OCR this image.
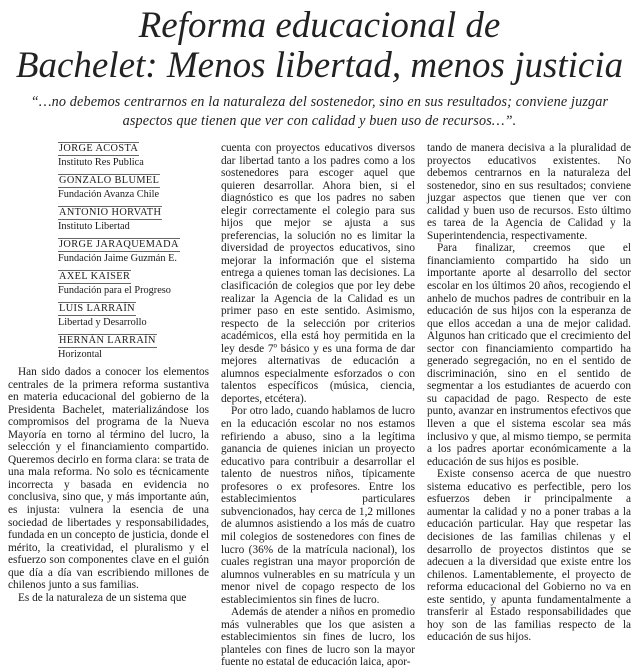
Reforma educacional de
Bachelet: Menos libertad, menos justicia
“…no debemos centrarnos en la naturaleza del sostenedor, sino en sus resultados; conviene juzgar aspectos que tienen que ver con calidad y buen uso de recursos…”.
JORGE ACOSTA
Instituto Res Publica
GONZALO BLUMEL
Fundación Avanza Chile
ANTONIO HORVATH
Instituto Libertad
JORGE JARAQUEMADA
Fundación Jaime Guzmán E.
AXEL KAISER
Fundación para el Progreso
LUIS LARRAÍN
Libertad y Desarrollo
HERNÁN LARRAÍN
Horizontal

Han sido dados a conocer los elementos centrales de la primera reforma sustantiva en materia educacional del gobierno de la Presidenta Bachelet, materializándose los compromisos del programa de la Nueva Mayoría en torno al término del lucro, la selección y el financiamiento compartido. Queremos decirlo en forma clara: se trata de una mala reforma. No solo es técnicamente incorrecta y basada en evidencia no conclusiva, sino que, y más importante aún, es injusta: vulnera la esencia de una sociedad de libertades y responsabilidades, fundada en un concepto de justicia, donde el mérito, la creatividad, el pluralismo y el esfuerzo son componentes clave en el guión que día a día van escribiendo millones de chilenos junto a sus familias.

Es de la naturaleza de un sistema que

cuenta con proyectos educativos diversos dar libertad tanto a los padres como a los sostenedores para escoger aquel que quieren desarrollar. Ahora bien, si el diagnóstico es que los padres no saben elegir correctamente el colegio para sus hijos que mejor se ajusta a sus preferencias, la solución no es limitar la diversidad de proyectos educativos, sino mejorar la información que el sistema entrega a quienes toman las decisiones. La clasificación de colegios que por ley debe realizar la Agencia de la Calidad es un primer paso en este sentido. Asimismo, respecto de la selección por criterios académicos, ella está hoy permitida en la ley desde 7º básico y es una forma de dar mejores alternativas de educación a alumnos especialmente esforzados o con talentos específicos (música, ciencia, deportes, etcétera).

Por otro lado, cuando hablamos de lucro en la educación escolar no nos estamos refiriendo a abuso, sino a la legítima ganancia de quienes inician un proyecto educativo para contribuir a desarrollar el talento de nuestros niños, típicamente profesores o ex profesores. Entre los establecimientos particulares subvencionados, hay cerca de 1,2 millones de alumnos asistiendo a los más de cuatro mil colegios de sostenedores con fines de lucro (36% de la matrícula nacional), los cuales registran una mayor proporción de alumnos vulnerables en su matrícula y un menor nivel de copago respecto de los establecimientos sin fines de lucro.

Además de atender a niños en promedio más vulnerables que los que asisten a establecimientos sin fines de lucro, los planteles con fines de lucro son la mayor fuente no estatal de educación laica, apor-

tando de manera decisiva a la pluralidad de proyectos educativos existentes. No debemos centrarnos en la naturaleza del sostenedor, sino en sus resultados; conviene juzgar aspectos que tienen que ver con calidad y buen uso de recursos. Esto último es tarea de la Agencia de Calidad y la Superintendencia, respectivamente.

Para finalizar, creemos que el financiamiento compartido ha sido un importante aporte al desarrollo del sector escolar en los últimos 20 años, recogiendo el anhelo de muchos padres de contribuir en la educación de sus hijos con la esperanza de que ellos accedan a una de mejor calidad. Algunos han criticado que el crecimiento del sector con financiamiento compartido ha generado segregación, no en el sentido de discriminación, sino en el sentido de segmentar a los estudiantes de acuerdo con su capacidad de pago. Respecto de este punto, avanzar en instrumentos efectivos que lleven a que el sistema escolar sea más inclusivo y que, al mismo tiempo, se permita a los padres aportar económicamente a la educación de sus hijos es posible.

Existe consenso acerca de que nuestro sistema educativo es perfectible, pero los esfuerzos deben ir principalmente a aumentar la calidad y no a poner trabas a la educación particular. Hay que respetar las decisiones de las familias chilenas y el desarrollo de proyectos distintos que se adecuen a la diversidad que existe entre los chilenos. Lamentablemente, el proyecto de reforma educacional del Gobierno no va en este sentido, y apunta fundamentalmente a transferir al Estado responsabilidades que hoy son de las familias respecto de la educación de sus hijos.
